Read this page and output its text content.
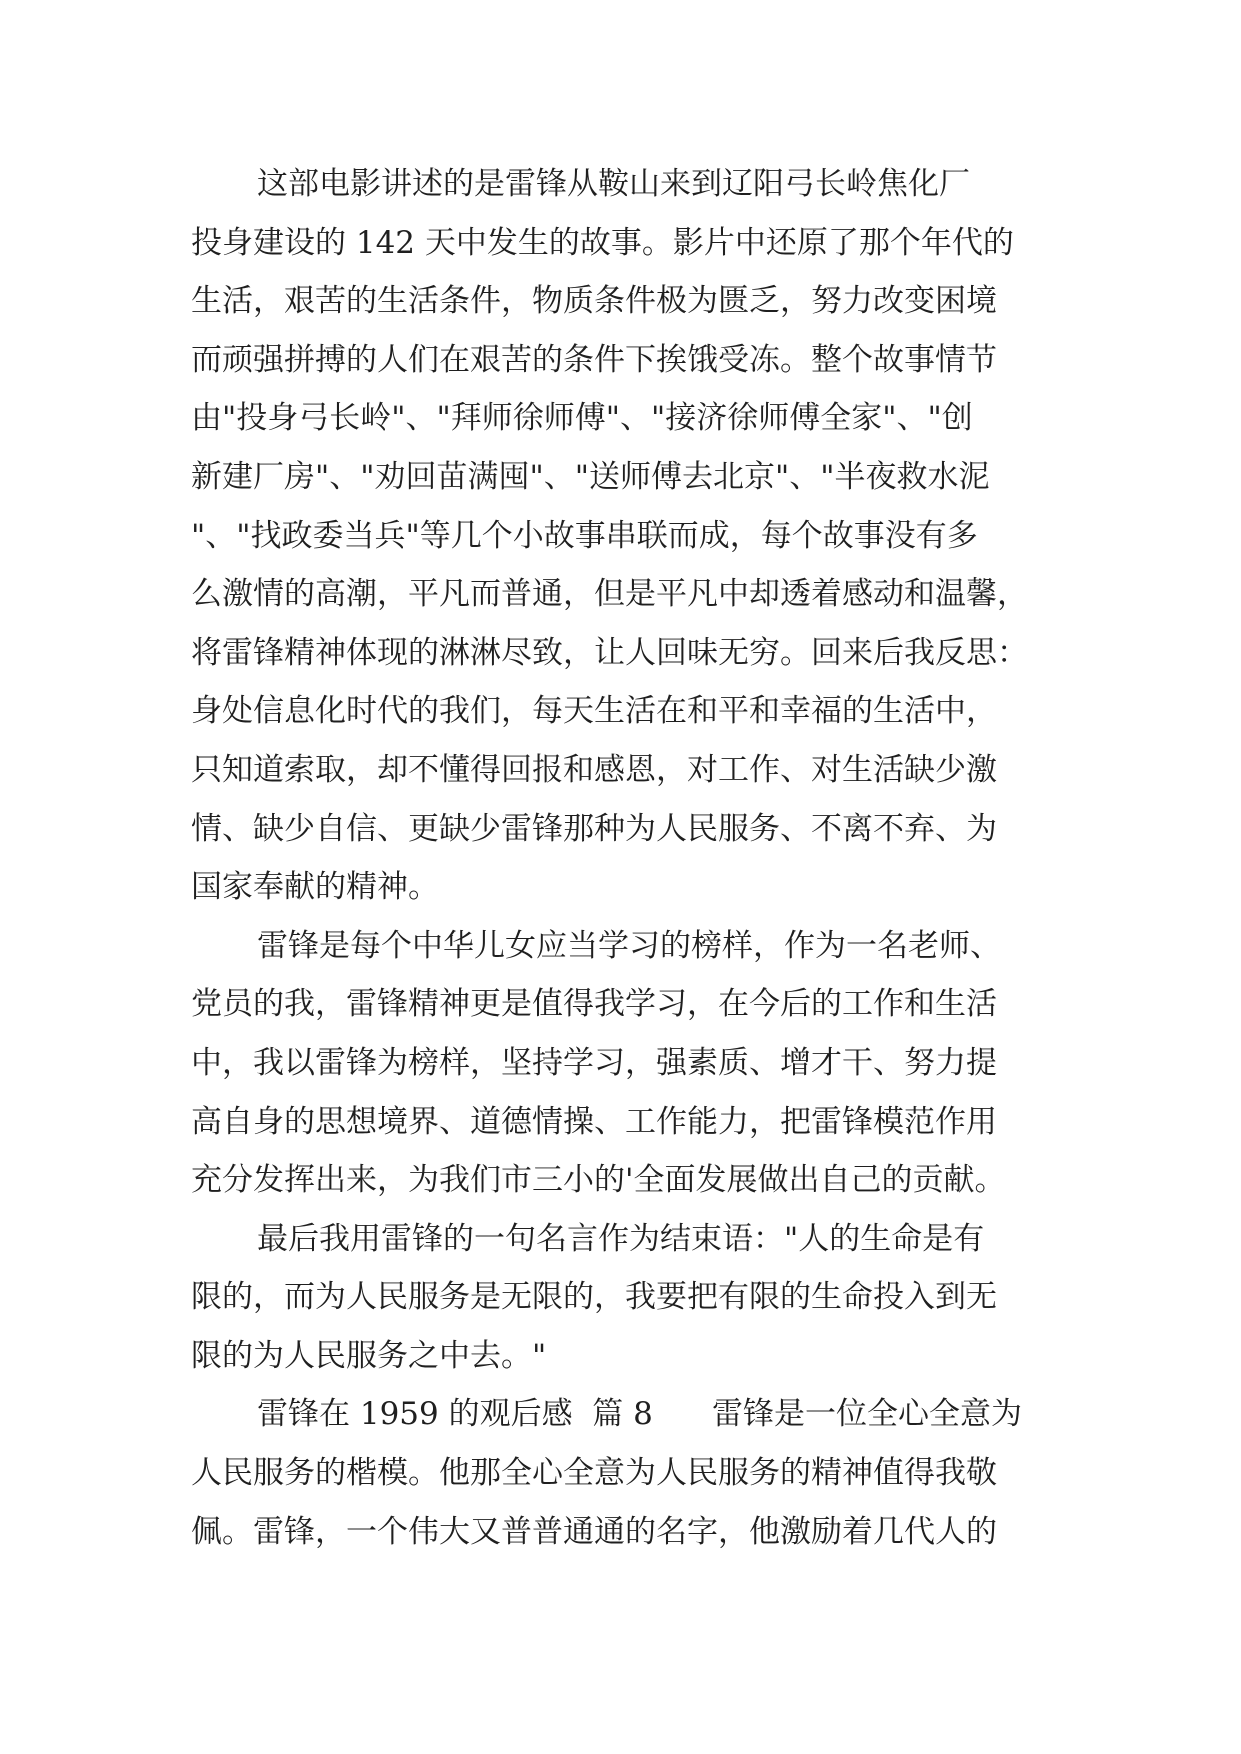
这部电影讲述的是雷锋从鞍山来到辽阳弓长岭焦化厂
投身建设的 142 天中发生的故事。影片中还原了那个年代的
生活，艰苦的生活条件，物质条件极为匮乏，努力改变困境
而顽强拼搏的人们在艰苦的条件下挨饿受冻。整个故事情节
由"投身弓长岭"、"拜师徐师傅"、"接济徐师傅全家"、"创
新建厂房"、"劝回苗满囤"、"送师傅去北京"、"半夜救水泥
"、"找政委当兵"等几个小故事串联而成，每个故事没有多
么激情的高潮，平凡而普通，但是平凡中却透着感动和温馨，
将雷锋精神体现的淋淋尽致，让人回味无穷。回来后我反思：
身处信息化时代的我们，每天生活在和平和幸福的生活中，
只知道索取，却不懂得回报和感恩，对工作、对生活缺少激
情、缺少自信、更缺少雷锋那种为人民服务、不离不弃、为
国家奉献的精神。
雷锋是每个中华儿女应当学习的榜样，作为一名老师、
党员的我，雷锋精神更是值得我学习，在今后的工作和生活
中，我以雷锋为榜样，坚持学习，强素质、增才干、努力提
高自身的思想境界、道德情操、工作能力，把雷锋模范作用
充分发挥出来，为我们市三小的'全面发展做出自己的贡献。
最后我用雷锋的一句名言作为结束语："人的生命是有
限的，而为人民服务是无限的，我要把有限的生命投入到无
限的为人民服务之中去。"
雷锋在 1959 的观后感  篇 8      雷锋是一位全心全意为
人民服务的楷模。他那全心全意为人民服务的精神值得我敬
佩。雷锋，一个伟大又普普通通的名字，他激励着几代人的
